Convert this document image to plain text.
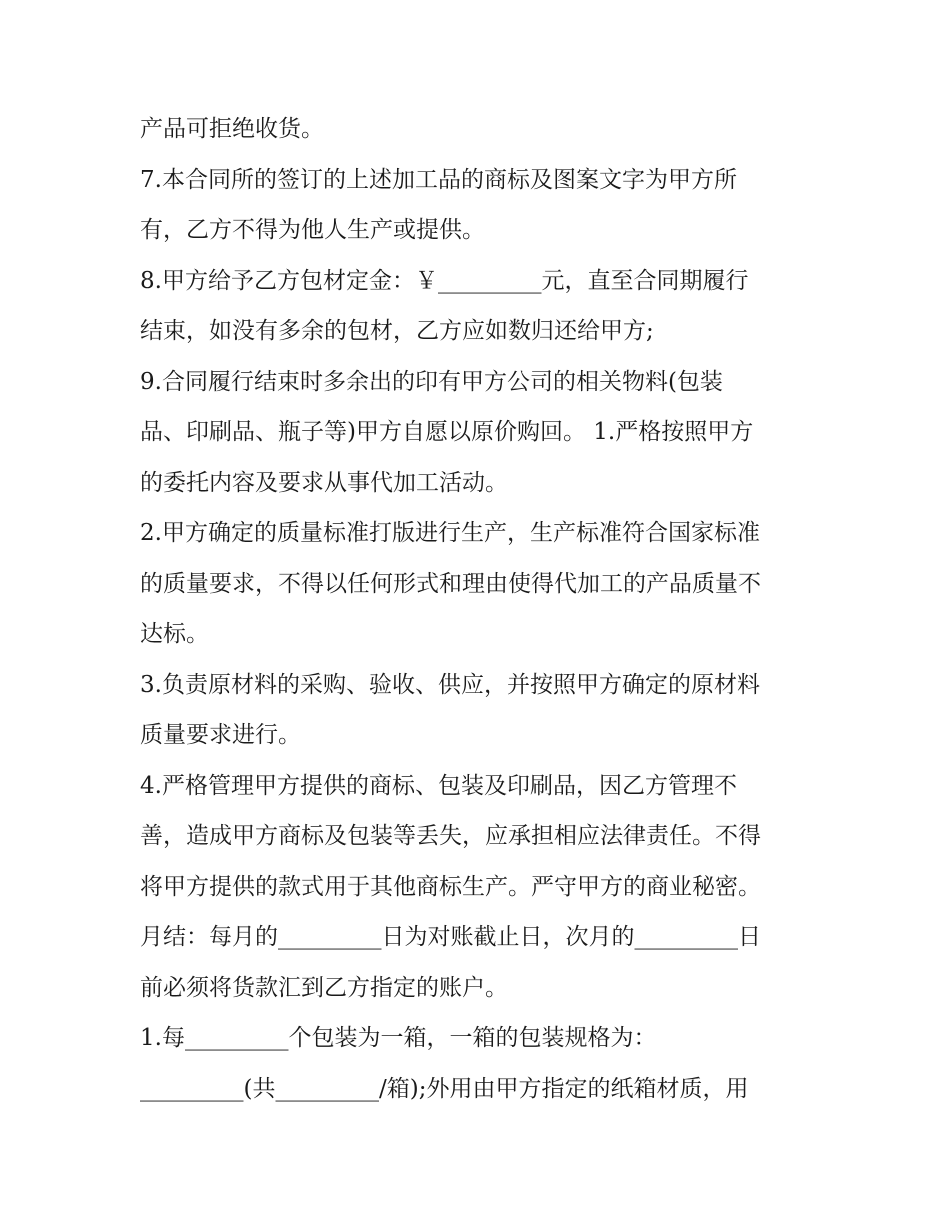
产品可拒绝收货。
7.本合同所的签订的上述加工品的商标及图案文字为甲方所
有，乙方不得为他人生产或提供。
8.甲方给予乙方包材定金：￥_________元，直至合同期履行
结束，如没有多余的包材，乙方应如数归还给甲方;
9.合同履行结束时多余出的印有甲方公司的相关物料(包装
品、印刷品、瓶子等)甲方自愿以原价购回。 1.严格按照甲方
的委托内容及要求从事代加工活动。
2.甲方确定的质量标准打版进行生产，生产标准符合国家标准
的质量要求，不得以任何形式和理由使得代加工的产品质量不
达标。
3.负责原材料的采购、验收、供应，并按照甲方确定的原材料
质量要求进行。
4.严格管理甲方提供的商标、包装及印刷品，因乙方管理不
善，造成甲方商标及包装等丢失，应承担相应法律责任。不得
将甲方提供的款式用于其他商标生产。严守甲方的商业秘密。
月结：每月的_________日为对账截止日，次月的_________日
前必须将货款汇到乙方指定的账户。
1.每_________个包装为一箱，一箱的包装规格为：
_________(共_________/箱);外用由甲方指定的纸箱材质，用
